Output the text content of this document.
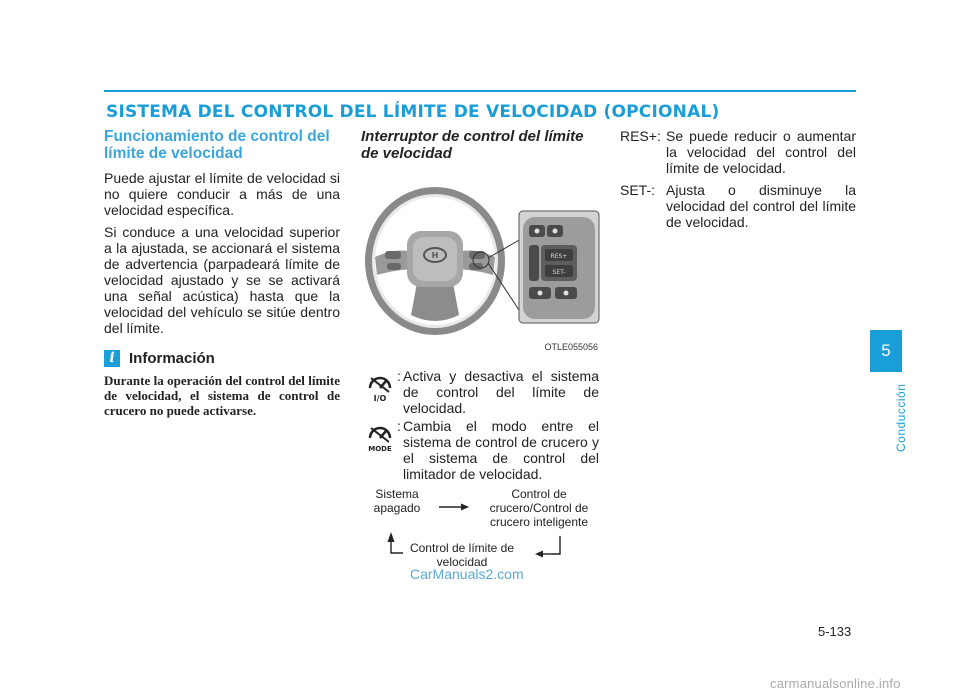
SISTEMA DEL CONTROL DEL LÍMITE DE VELOCIDAD (OPCIONAL)
Funcionamiento de control del límite de velocidad

Puede ajustar el límite de velocidad si no quiere conducir a más de una velocidad específica.

Si conduce a una velocidad superior a la ajustada, se accionará el sistema de advertencia (parpadeará límite de velocidad ajustado y se se activará una señal acústica) hasta que la velocidad del vehículo se sitúe dentro del límite.

i Información

Durante la operación del control del límite de velocidad, el sistema de control de crucero no puede activarse.

Interruptor de control del límite de velocidad
H	RES+
SET-
OTLE055056
I/O
: Activa y desactiva el sistema de control del límite de velocidad.

MODE
: Cambia el modo entre el sistema de control de crucero y el sistema de control del limitador de velocidad.

Sistema apagado
Control de crucero/Control de crucero inteligente
Control de límite de velocidad
RES+: Se puede reducir o aumentar la velocidad del control del límite de velocidad.

SET-: Ajusta o disminuye la velocidad del control del límite de velocidad.

5
Conducción
CarManuals2.com
5-133
carmanualsonline.info
